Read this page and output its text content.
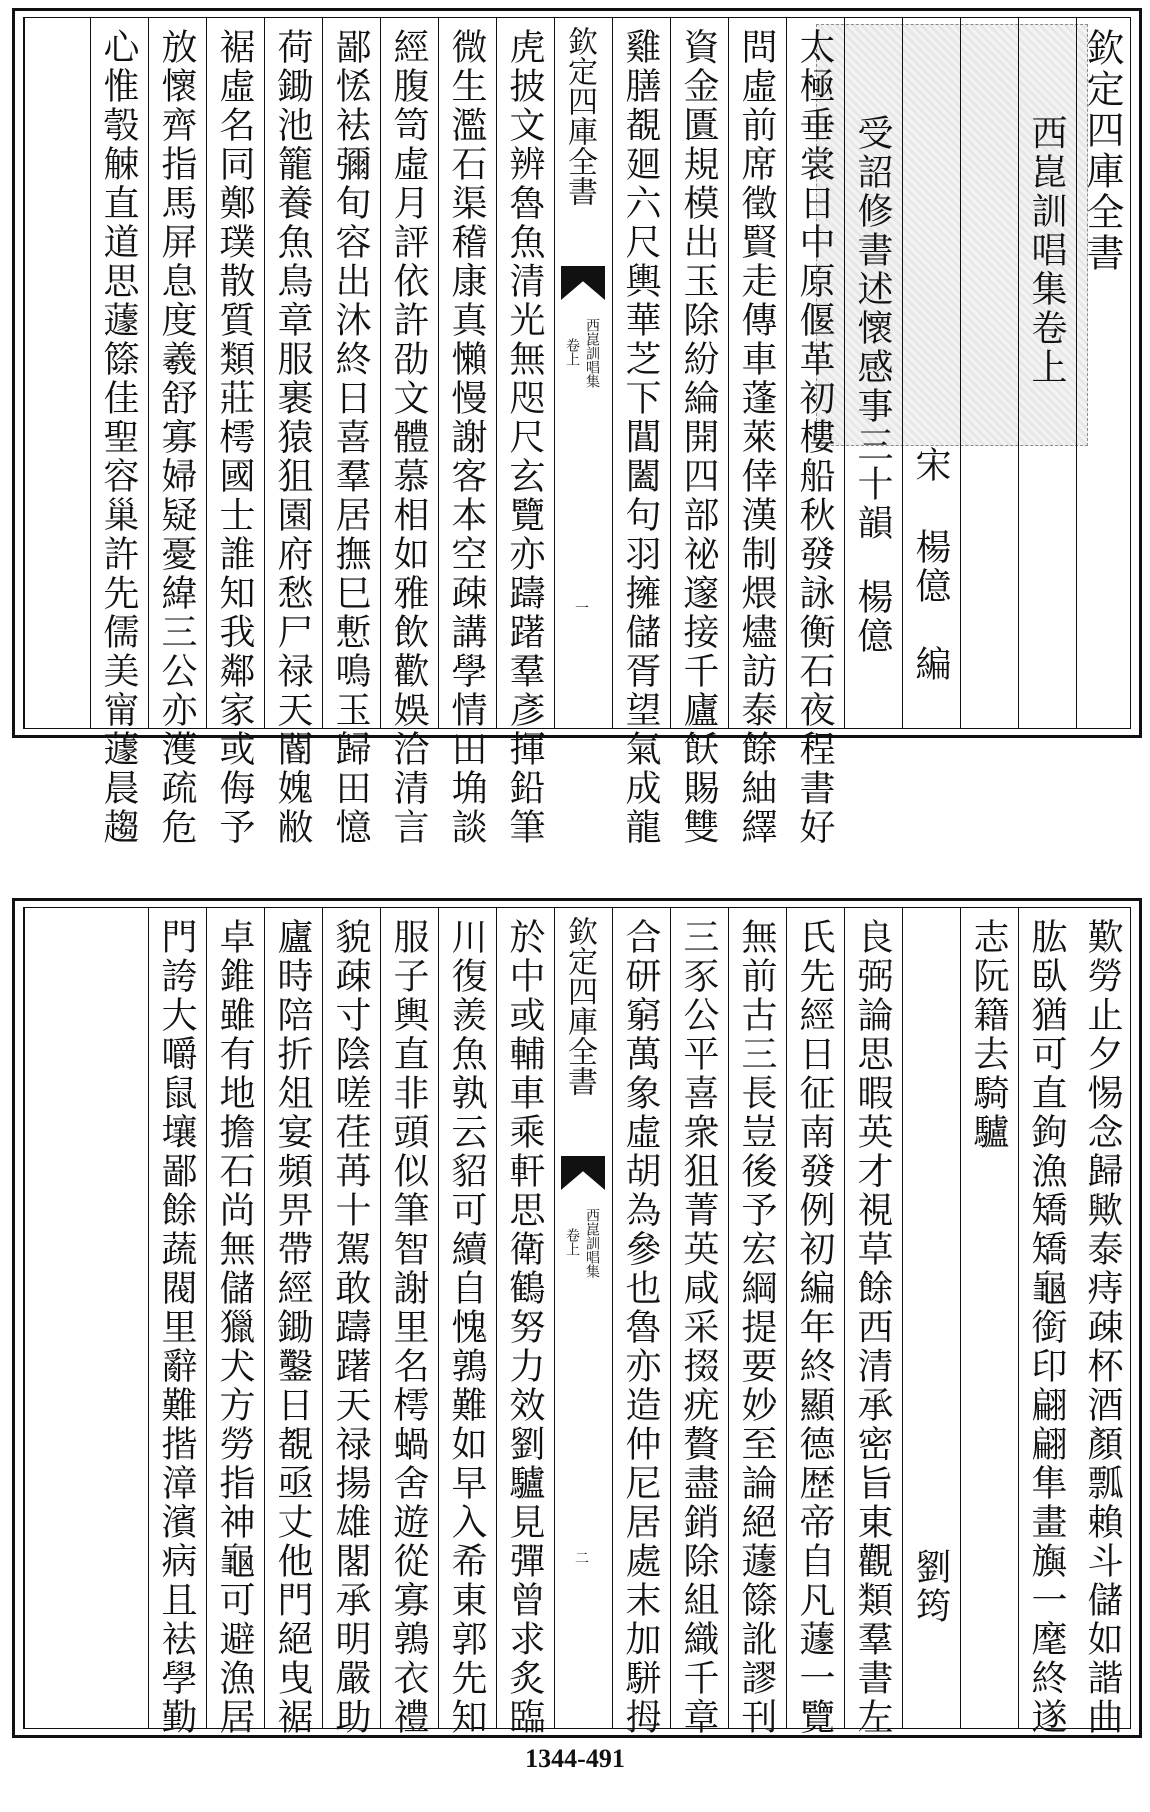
欽定四庫全書
西崑訓唱集卷上
宋
楊億　編
受詔修書述懷感事三十韻
楊億
太極垂裳日中原偃革初樓船秋發詠衡石夜程書好
問虛前席徵賢走傳車蓬萊倖漢制煨燼訪泰餘紬繹
資金匱規模出玉除紛綸開四部祕邃接千廬飫賜雙
雞膳覩廻六尺輿華芝下閶闔句羽擁儲胥望氣成龍
欽定四庫全書
西崑訓唱集
卷上
一
虎披文辨魯魚清光無咫尺玄覽亦躊躇羣彥揮鉛筆
微生濫石渠稽康真懶慢謝客本空疎講學情田埆談
經腹笥虛月評依許劭文體慕相如雅飲歡娛洽清言
鄙恡袪彌旬容出沐終日喜羣居撫巳慙鳴玉歸田憶
荷鋤池籠養魚鳥章服裹猿狙園府愁尸禄天閽媿敝
裾虛名同鄭璞散質類莊樗國士誰知我鄰家或侮予
放懷齊指馬屏息度羲舒寡婦疑憂緯三公亦濩疏危
心惟彀觫直道思蘧篨佳聖容巢許先儒美甯蘧晨趨
歎勞止夕惕念歸歟泰痔疎杯酒顏瓢賴斗儲如諧曲
肱臥猶可直鉤漁矯矯龜銜印翩翩隼畫旟一麾終遂
志阮籍去騎驢
劉筠
良弼論思暇英才視草餘西清承密旨東觀類羣書左
氏先經日征南發例初編年終顯德歴帝自凡蘧一覽
無前古三長豈後予宏綱提要妙至論絕蘧篨訛謬刊
三豕公平喜衆狙菁英咸采掇疣贅盡銷除組織千章
合研窮萬象虛胡為參也魯亦造仲尼居處末加駢拇
欽定四庫全書
西崑訓唱集
卷上
二
於中或輔車乘軒思衛鶴努力效劉驢見彈曾求炙臨
川復羨魚孰云貂可續自愧鶉難如早入希東郭先知
服子輿直非頭似筆智謝里名樗蝸舍遊從寡鶉衣禮
貌疎寸陰嗟荏苒十駕敢躊躇天禄揚雄閣承明嚴助
廬時陪折俎宴頻畀帶經鋤鑿日覩亟丈他門絕曳裾
卓錐雖有地擔石尚無儲獵犬方勞指神龜可避漁居
門誇大嚼鼠壤鄙餘蔬閥里辭難揩漳濱病且袪學勤
1344-491
